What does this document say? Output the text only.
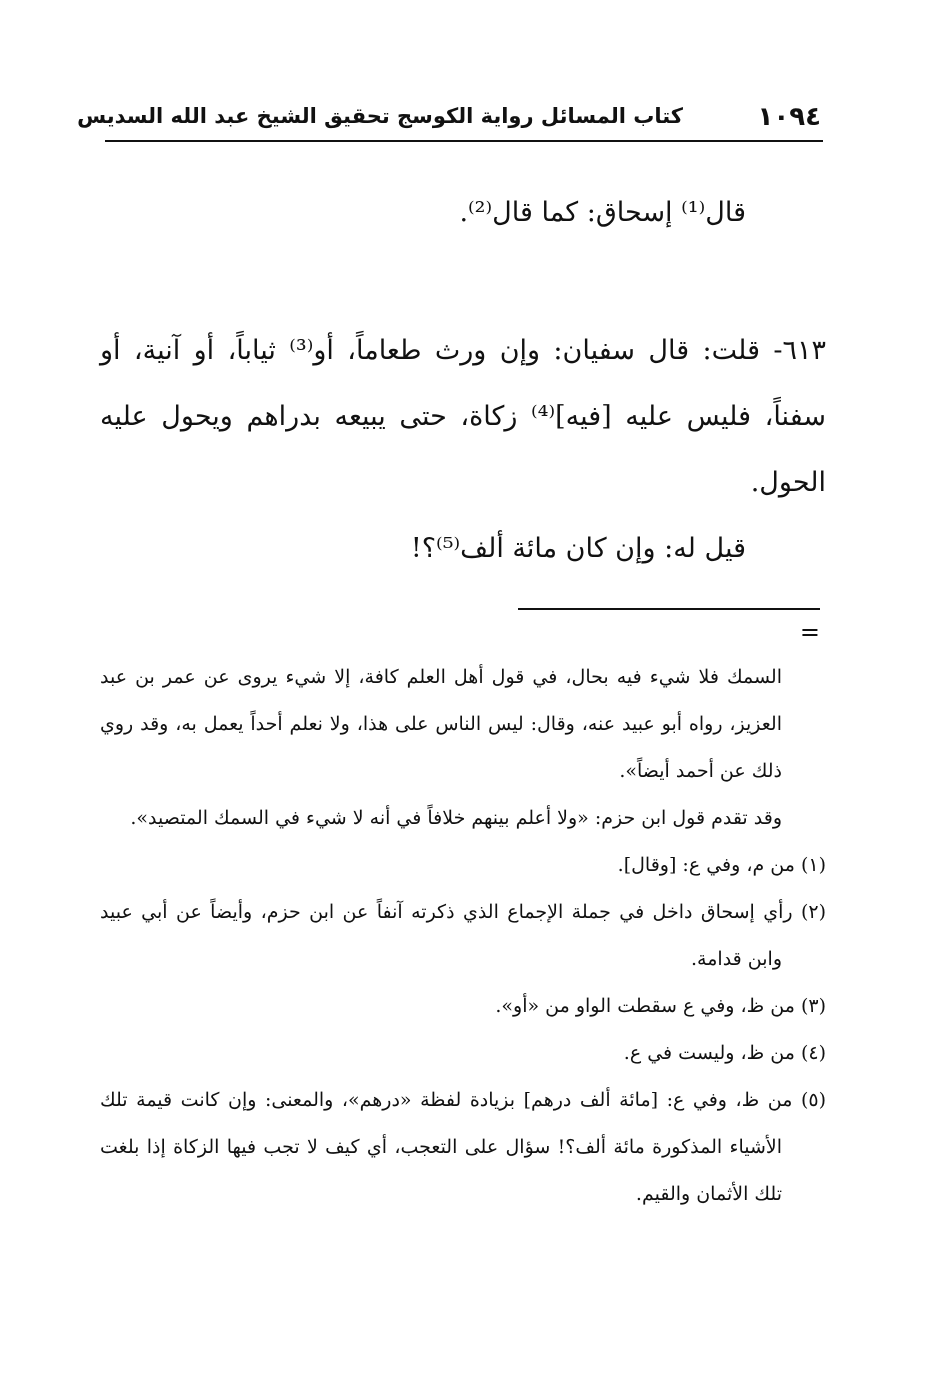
١٠٩٤
كتاب المسائل رواية الكوسج تحقيق الشيخ عبد الله السديس

قال⁽¹⁾ إسحاق: كما قال⁽²⁾.

٦١٣- قلت: قال سفيان: وإن ورث طعاماً، أو⁽³⁾ ثياباً، أو آنية، أو سفناً، فليس عليه [فيه]⁽⁴⁾ زكاة، حتى يبيعه بدراهم ويحول عليه الحول.

قيل له: وإن كان مائة ألف⁽⁵⁾؟!

=

السمك فلا شيء فيه بحال، في قول أهل العلم كافة، إلا شيء يروى عن عمر بن عبد العزيز، رواه أبو عبيد عنه، وقال: ليس الناس على هذا، ولا نعلم أحداً يعمل به، وقد روي ذلك عن أحمد أيضاً».

وقد تقدم قول ابن حزم: «ولا أعلم بينهم خلافاً في أنه لا شيء في السمك المتصيد».

(١) من م، وفي ع: [وقال].

(٢) رأي إسحاق داخل في جملة الإجماع الذي ذكرته آنفاً عن ابن حزم، وأيضاً عن أبي عبيد وابن قدامة.

(٣) من ظ، وفي ع سقطت الواو من «أو».

(٤) من ظ، وليست في ع.

(٥) من ظ، وفي ع: [مائة ألف درهم] بزيادة لفظة «درهم»، والمعنى: وإن كانت قيمة تلك الأشياء المذكورة مائة ألف؟! سؤال على التعجب، أي كيف لا تجب فيها الزكاة إذا بلغت تلك الأثمان والقيم.
